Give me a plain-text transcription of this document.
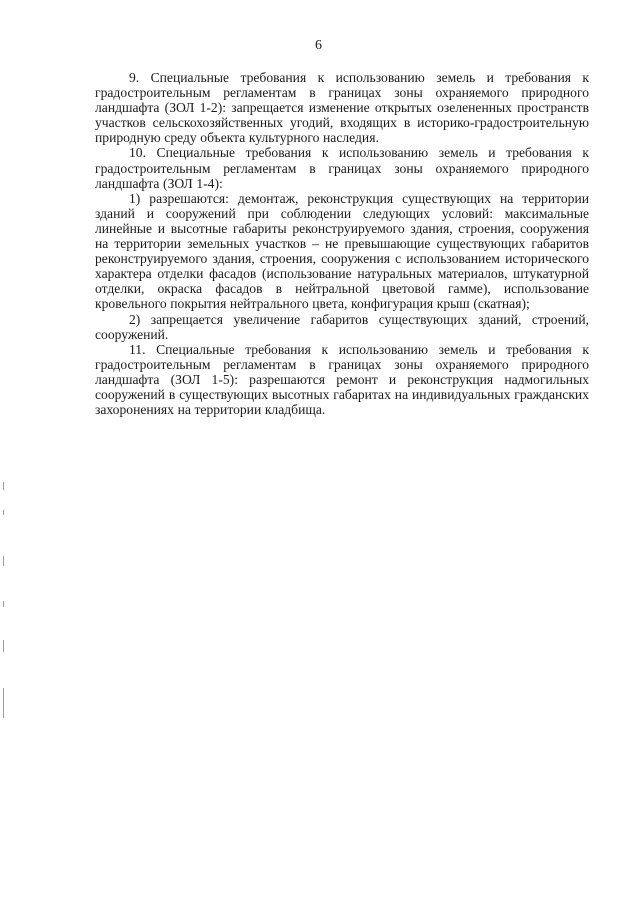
6

9. Специальные требования к использованию земель и требования к градостроительным регламентам в границах зоны охраняемого природного ландшафта (ЗОЛ 1-2): запрещается изменение открытых озелененных пространств участков сельскохозяйственных угодий, входящих в историко-градостроительную природную среду объекта культурного наследия.

10. Специальные требования к использованию земель и требования к градостроительным регламентам в границах зоны охраняемого природного ландшафта (ЗОЛ 1-4):

1) разрешаются: демонтаж, реконструкция существующих на территории зданий и сооружений при соблюдении следующих условий: максимальные линейные и высотные габариты реконструируемого здания, строения, сооружения на территории земельных участков – не превышающие существующих габаритов реконструируемого здания, строения, сооружения с использованием исторического характера отделки фасадов (использование натуральных материалов, штукатурной отделки, окраска фасадов в нейтральной цветовой гамме), использование кровельного покрытия нейтрального цвета, конфигурация крыш (скатная);

2) запрещается увеличение габаритов существующих зданий, строений, сооружений.

11. Специальные требования к использованию земель и требования к градостроительным регламентам в границах зоны охраняемого природного ландшафта (ЗОЛ 1-5): разрешаются ремонт и реконструкция надмогильных сооружений в существующих высотных габаритах на индивидуальных гражданских захоронениях на территории кладбища.
